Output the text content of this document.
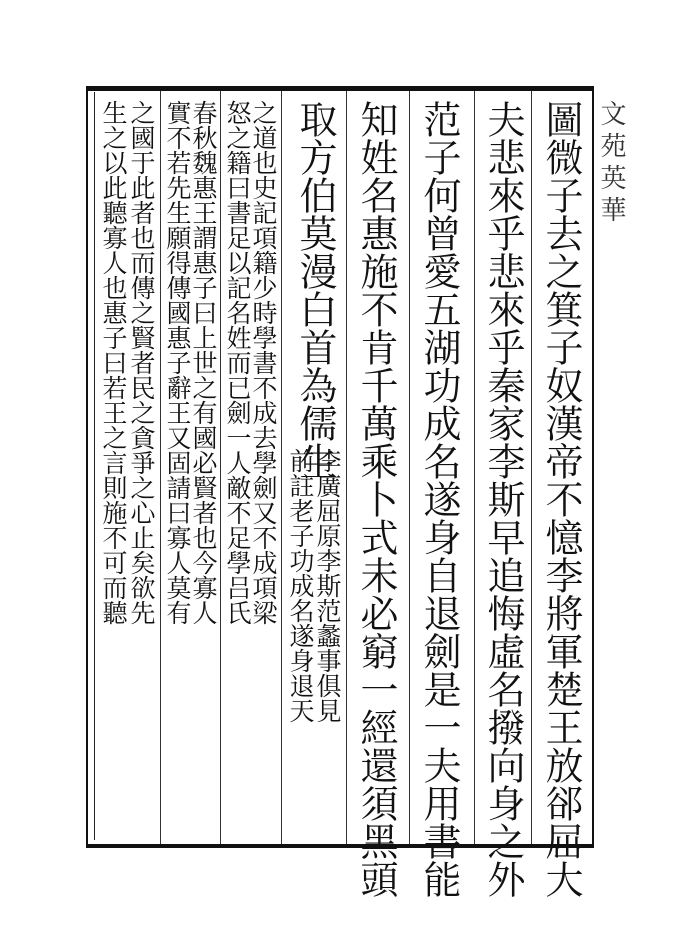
圖微子去之箕子奴漢帝不憶李將軍楚王放郤屈大
夫悲來乎悲來乎秦家李斯早追悔虛名撥向身之外
范子何曾愛五湖功成名遂身自退劍是一夫用書能
知姓名惠施不肯千萬乘卜式未必窮一經還須黑頭
取方伯莫漫白首為儒生
李廣屈原李斯范蠡事俱見
前註老子功成名遂身退天
之道也史記項籍少時學書不成去學劍又不成項梁
怒之籍曰書足以記名姓而已劍一人敵不足學吕氏
春秋魏惠王謂惠子曰上世之有國必賢者也今寡人
實不若先生願得傳國惠子辭王又固請曰寡人莫有
之國于此者也而傳之賢者民之貪爭之心止矣欲先
生之以此聽寡人也惠子曰若王之言則施不可而聽	文苑英華
